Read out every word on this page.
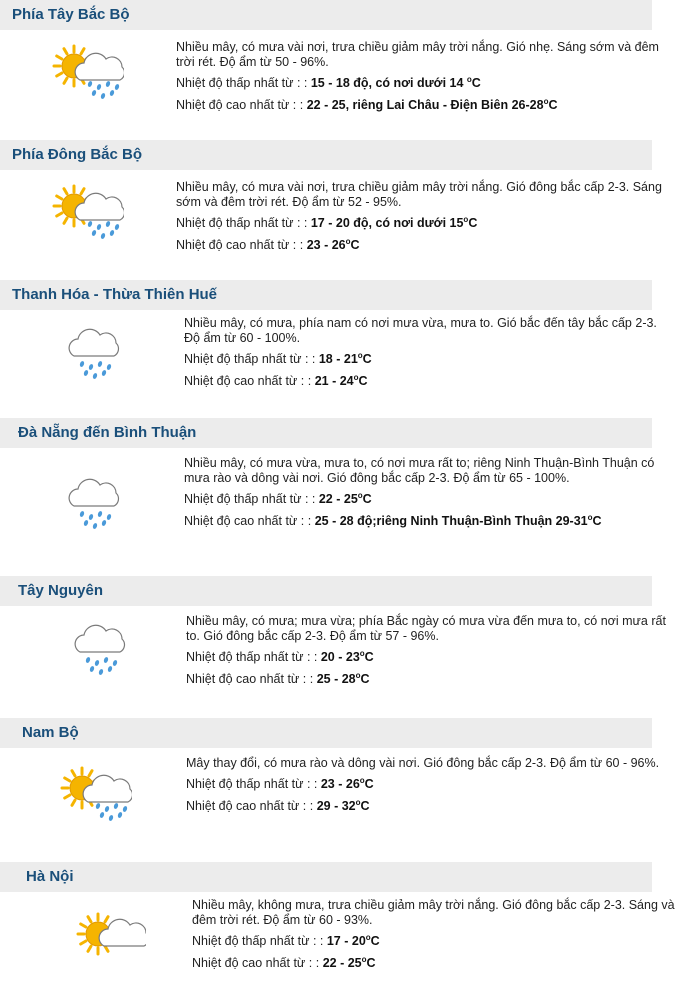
Phía Tây Bắc Bộ
Nhiều mây, có mưa vài nơi, trưa chiều giảm mây trời nắng. Gió nhẹ. Sáng sớm và đêm trời rét. Độ ẩm từ 50 - 96%.
Nhiệt độ thấp nhất từ : : 15 - 18 độ, có nơi dưới 14 $^o$C
Nhiệt độ cao nhất từ : : 22 - 25, riêng Lai Châu - Điện Biên 26-28$^o$C
Phía Đông Bắc Bộ
Nhiều mây, có mưa vài nơi, trưa chiều giảm mây trời nắng. Gió đông bắc cấp 2-3. Sáng sớm và đêm trời rét. Độ ẩm từ 52 - 95%.
Nhiệt độ thấp nhất từ : : 17 - 20 độ, có nơi dưới 15$^o$C
Nhiệt độ cao nhất từ : : 23 - 26$^o$C
Thanh Hóa - Thừa Thiên Huế
Nhiều mây, có mưa, phía nam có nơi mưa vừa, mưa to. Gió bắc đến tây bắc cấp 2-3. Độ ẩm từ 60 - 100%.
Nhiệt độ thấp nhất từ : : 18 - 21$^o$C
Nhiệt độ cao nhất từ : : 21 - 24$^o$C
Đà Nẵng đến Bình Thuận
Nhiều mây, có mưa vừa, mưa to, có nơi mưa rất to; riêng Ninh Thuận-Bình Thuận có mưa rào và dông vài nơi. Gió đông bắc cấp 2-3. Độ ẩm từ 65 - 100%.
Nhiệt độ thấp nhất từ : : 22 - 25$^o$C
Nhiệt độ cao nhất từ : : 25 - 28 độ;riêng Ninh Thuận-Bình Thuận 29-31$^o$C
Tây Nguyên
Nhiều mây, có mưa; mưa vừa; phía Bắc ngày có mưa vừa đến mưa to, có nơi mưa rất to. Gió đông bắc cấp 2-3. Độ ẩm từ 57 - 96%.
Nhiệt độ thấp nhất từ : : 20 - 23$^o$C
Nhiệt độ cao nhất từ : : 25 - 28$^o$C
Nam Bộ
Mây thay đổi, có mưa rào và dông vài nơi. Gió đông bắc cấp 2-3. Độ ẩm từ 60 - 96%.
Nhiệt độ thấp nhất từ : : 23 - 26$^o$C
Nhiệt độ cao nhất từ : : 29 - 32$^o$C
Hà Nội
Nhiều mây, không mưa, trưa chiều giảm mây trời nắng. Gió đông bắc cấp 2-3. Sáng và đêm trời rét. Độ ẩm từ 60 - 93%.
Nhiệt độ thấp nhất từ : : 17 - 20$^o$C
Nhiệt độ cao nhất từ : : 22 - 25$^o$C
